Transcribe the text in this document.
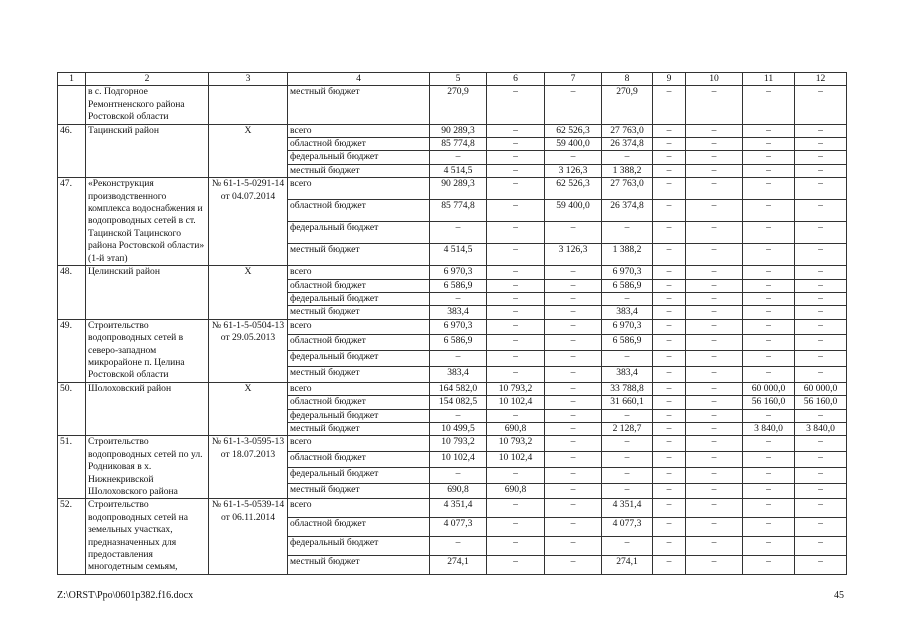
1	2	3	4	5	6	7	8	9	10	11	12
	в с. Подгорное Ремонтненского района Ростовской области		местный бюджет	270,9	–	–	270,9	–	–	–	–
46.	Тацинский район	X	всего	90 289,3	–	62 526,3	27 763,0	–	–	–	–
			областной бюджет	85 774,8	–	59 400,0	26 374,8	–	–	–	–
			федеральный бюджет	–	–	–	–	–	–	–	–
			местный бюджет	4 514,5	–	3 126,3	1 388,2	–	–	–	–
47.	«Реконструкция производственного комплекса водоснабжения и водопроводных сетей в ст. Тацинской Тацинского района Ростовской области» (1-й этап)	№ 61-1-5-0291-14 от 04.07.2014	всего	90 289,3	–	62 526,3	27 763,0	–	–	–	–
			областной бюджет	85 774,8	–	59 400,0	26 374,8	–	–	–	–
			федеральный бюджет	–	–	–	–	–	–	–	–
			местный бюджет	4 514,5	–	3 126,3	1 388,2	–	–	–	–
48.	Целинский район	X	всего	6 970,3	–	–	6 970,3	–	–	–	–
			областной бюджет	6 586,9	–	–	6 586,9	–	–	–	–
			федеральный бюджет	–	–	–	–	–	–	–	–
			местный бюджет	383,4	–	–	383,4	–	–	–	–
49.	Строительство водопроводных сетей в северо-западном микрорайоне п. Целина Ростовской области	№ 61-1-5-0504-13 от 29.05.2013	всего	6 970,3	–	–	6 970,3	–	–	–	–
			областной бюджет	6 586,9	–	–	6 586,9	–	–	–	–
			федеральный бюджет	–	–	–	–	–	–	–	–
			местный бюджет	383,4	–	–	383,4	–	–	–	–
50.	Шолоховский район	X	всего	164 582,0	10 793,2	–	33 788,8	–	–	60 000,0	60 000,0
			областной бюджет	154 082,5	10 102,4	–	31 660,1	–	–	56 160,0	56 160,0
			федеральный бюджет	–	–	–	–	–	–	–	–
			местный бюджет	10 499,5	690,8	–	2 128,7	–	–	3 840,0	3 840,0
51.	Строительство водопроводных сетей по ул. Родниковая в х. Нижнекривской Шолоховского района	№ 61-1-3-0595-13 от 18.07.2013	всего	10 793,2	10 793,2	–	–	–	–	–	–
			областной бюджет	10 102,4	10 102,4	–	–	–	–	–	–
			федеральный бюджет	–	–	–	–	–	–	–	–
			местный бюджет	690,8	690,8	–	–	–	–	–	–
52.	Строительство водопроводных сетей на земельных участках, предназначенных для предоставления многодетным семьям,	№ 61-1-5-0539-14 от 06.11.2014	всего	4 351,4	–	–	4 351,4	–	–	–	–
			областной бюджет	4 077,3	–	–	4 077,3	–	–	–	–
			федеральный бюджет	–	–	–	–	–	–	–	–
			местный бюджет	274,1	–	–	274,1	–	–	–	–
Z:\ORST\Ppo\0601p382.f16.docx	45
